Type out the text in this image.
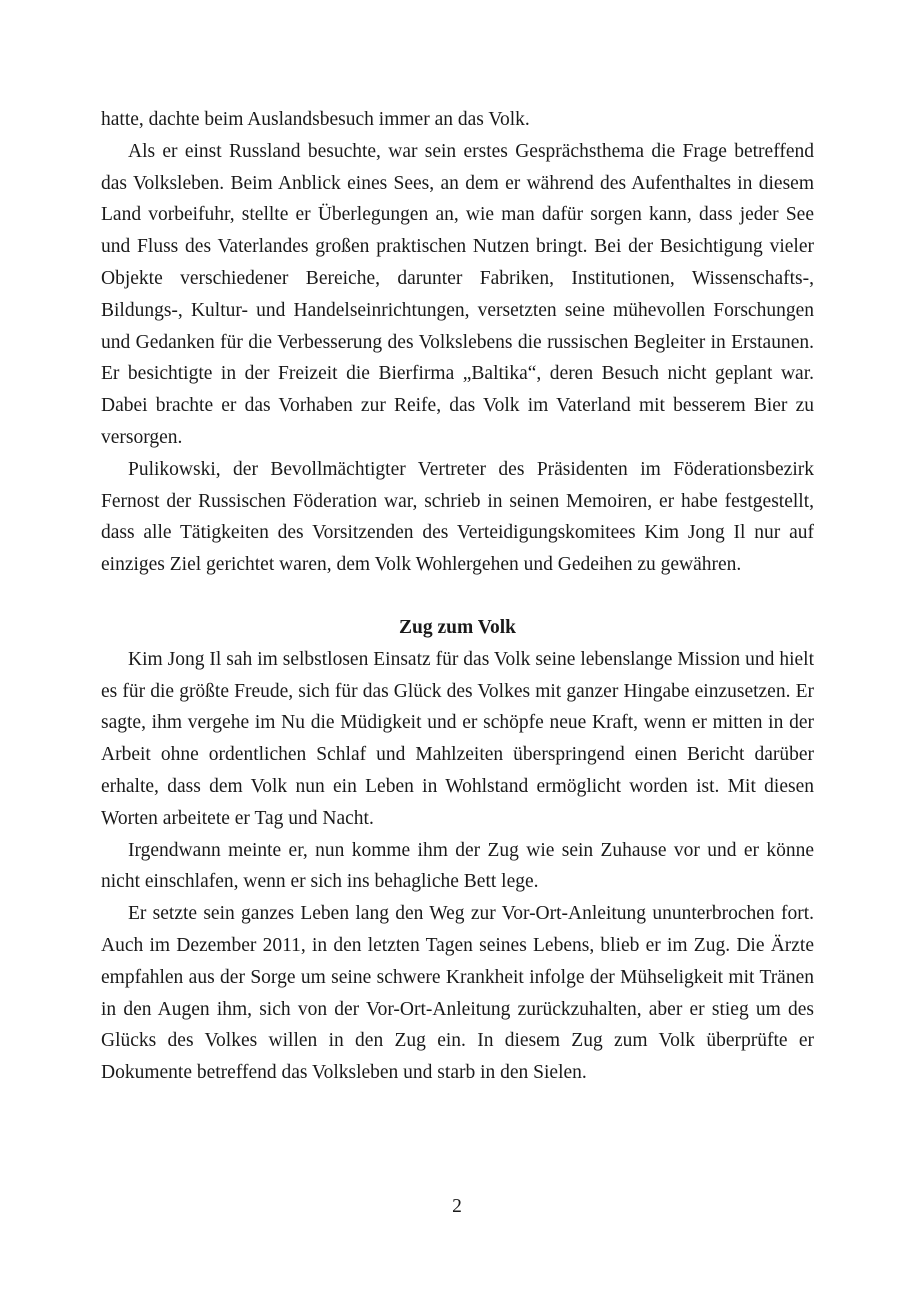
hatte, dachte beim Auslandsbesuch immer an das Volk.

Als er einst Russland besuchte, war sein erstes Gesprächsthema die Frage betreffend das Volksleben. Beim Anblick eines Sees, an dem er während des Aufenthaltes in diesem Land vorbeifuhr, stellte er Überlegungen an, wie man dafür sorgen kann, dass jeder See und Fluss des Vaterlandes großen praktischen Nutzen bringt. Bei der Besichtigung vieler Objekte verschiedener Bereiche, darunter Fabriken, Institutionen, Wissenschafts-, Bildungs-, Kultur- und Handelseinrichtungen, versetzten seine mühevollen Forschungen und Gedanken für die Verbesserung des Volkslebens die russischen Begleiter in Erstaunen. Er besichtigte in der Freizeit die Bierfirma „Baltika“, deren Besuch nicht geplant war. Dabei brachte er das Vorhaben zur Reife, das Volk im Vaterland mit besserem Bier zu versorgen.

Pulikowski, der Bevollmächtigter Vertreter des Präsidenten im Föderationsbezirk Fernost der Russischen Föderation war, schrieb in seinen Memoiren, er habe festgestellt, dass alle Tätigkeiten des Vorsitzenden des Verteidigungskomitees Kim Jong Il nur auf einziges Ziel gerichtet waren, dem Volk Wohlergehen und Gedeihen zu gewähren.

Zug zum Volk

Kim Jong Il sah im selbstlosen Einsatz für das Volk seine lebenslange Mission und hielt es für die größte Freude, sich für das Glück des Volkes mit ganzer Hingabe einzusetzen. Er sagte, ihm vergehe im Nu die Müdigkeit und er schöpfe neue Kraft, wenn er mitten in der Arbeit ohne ordentlichen Schlaf und Mahlzeiten überspringend einen Bericht darüber erhalte, dass dem Volk nun ein Leben in Wohlstand ermöglicht worden ist. Mit diesen Worten arbeitete er Tag und Nacht.

Irgendwann meinte er, nun komme ihm der Zug wie sein Zuhause vor und er könne nicht einschlafen, wenn er sich ins behagliche Bett lege.

Er setzte sein ganzes Leben lang den Weg zur Vor-Ort-Anleitung ununterbrochen fort. Auch im Dezember 2011, in den letzten Tagen seines Lebens, blieb er im Zug. Die Ärzte empfahlen aus der Sorge um seine schwere Krankheit infolge der Mühseligkeit mit Tränen in den Augen ihm, sich von der Vor-Ort-Anleitung zurückzuhalten, aber er stieg um des Glücks des Volkes willen in den Zug ein. In diesem Zug zum Volk überprüfte er Dokumente betreffend das Volksleben und starb in den Sielen.

2
